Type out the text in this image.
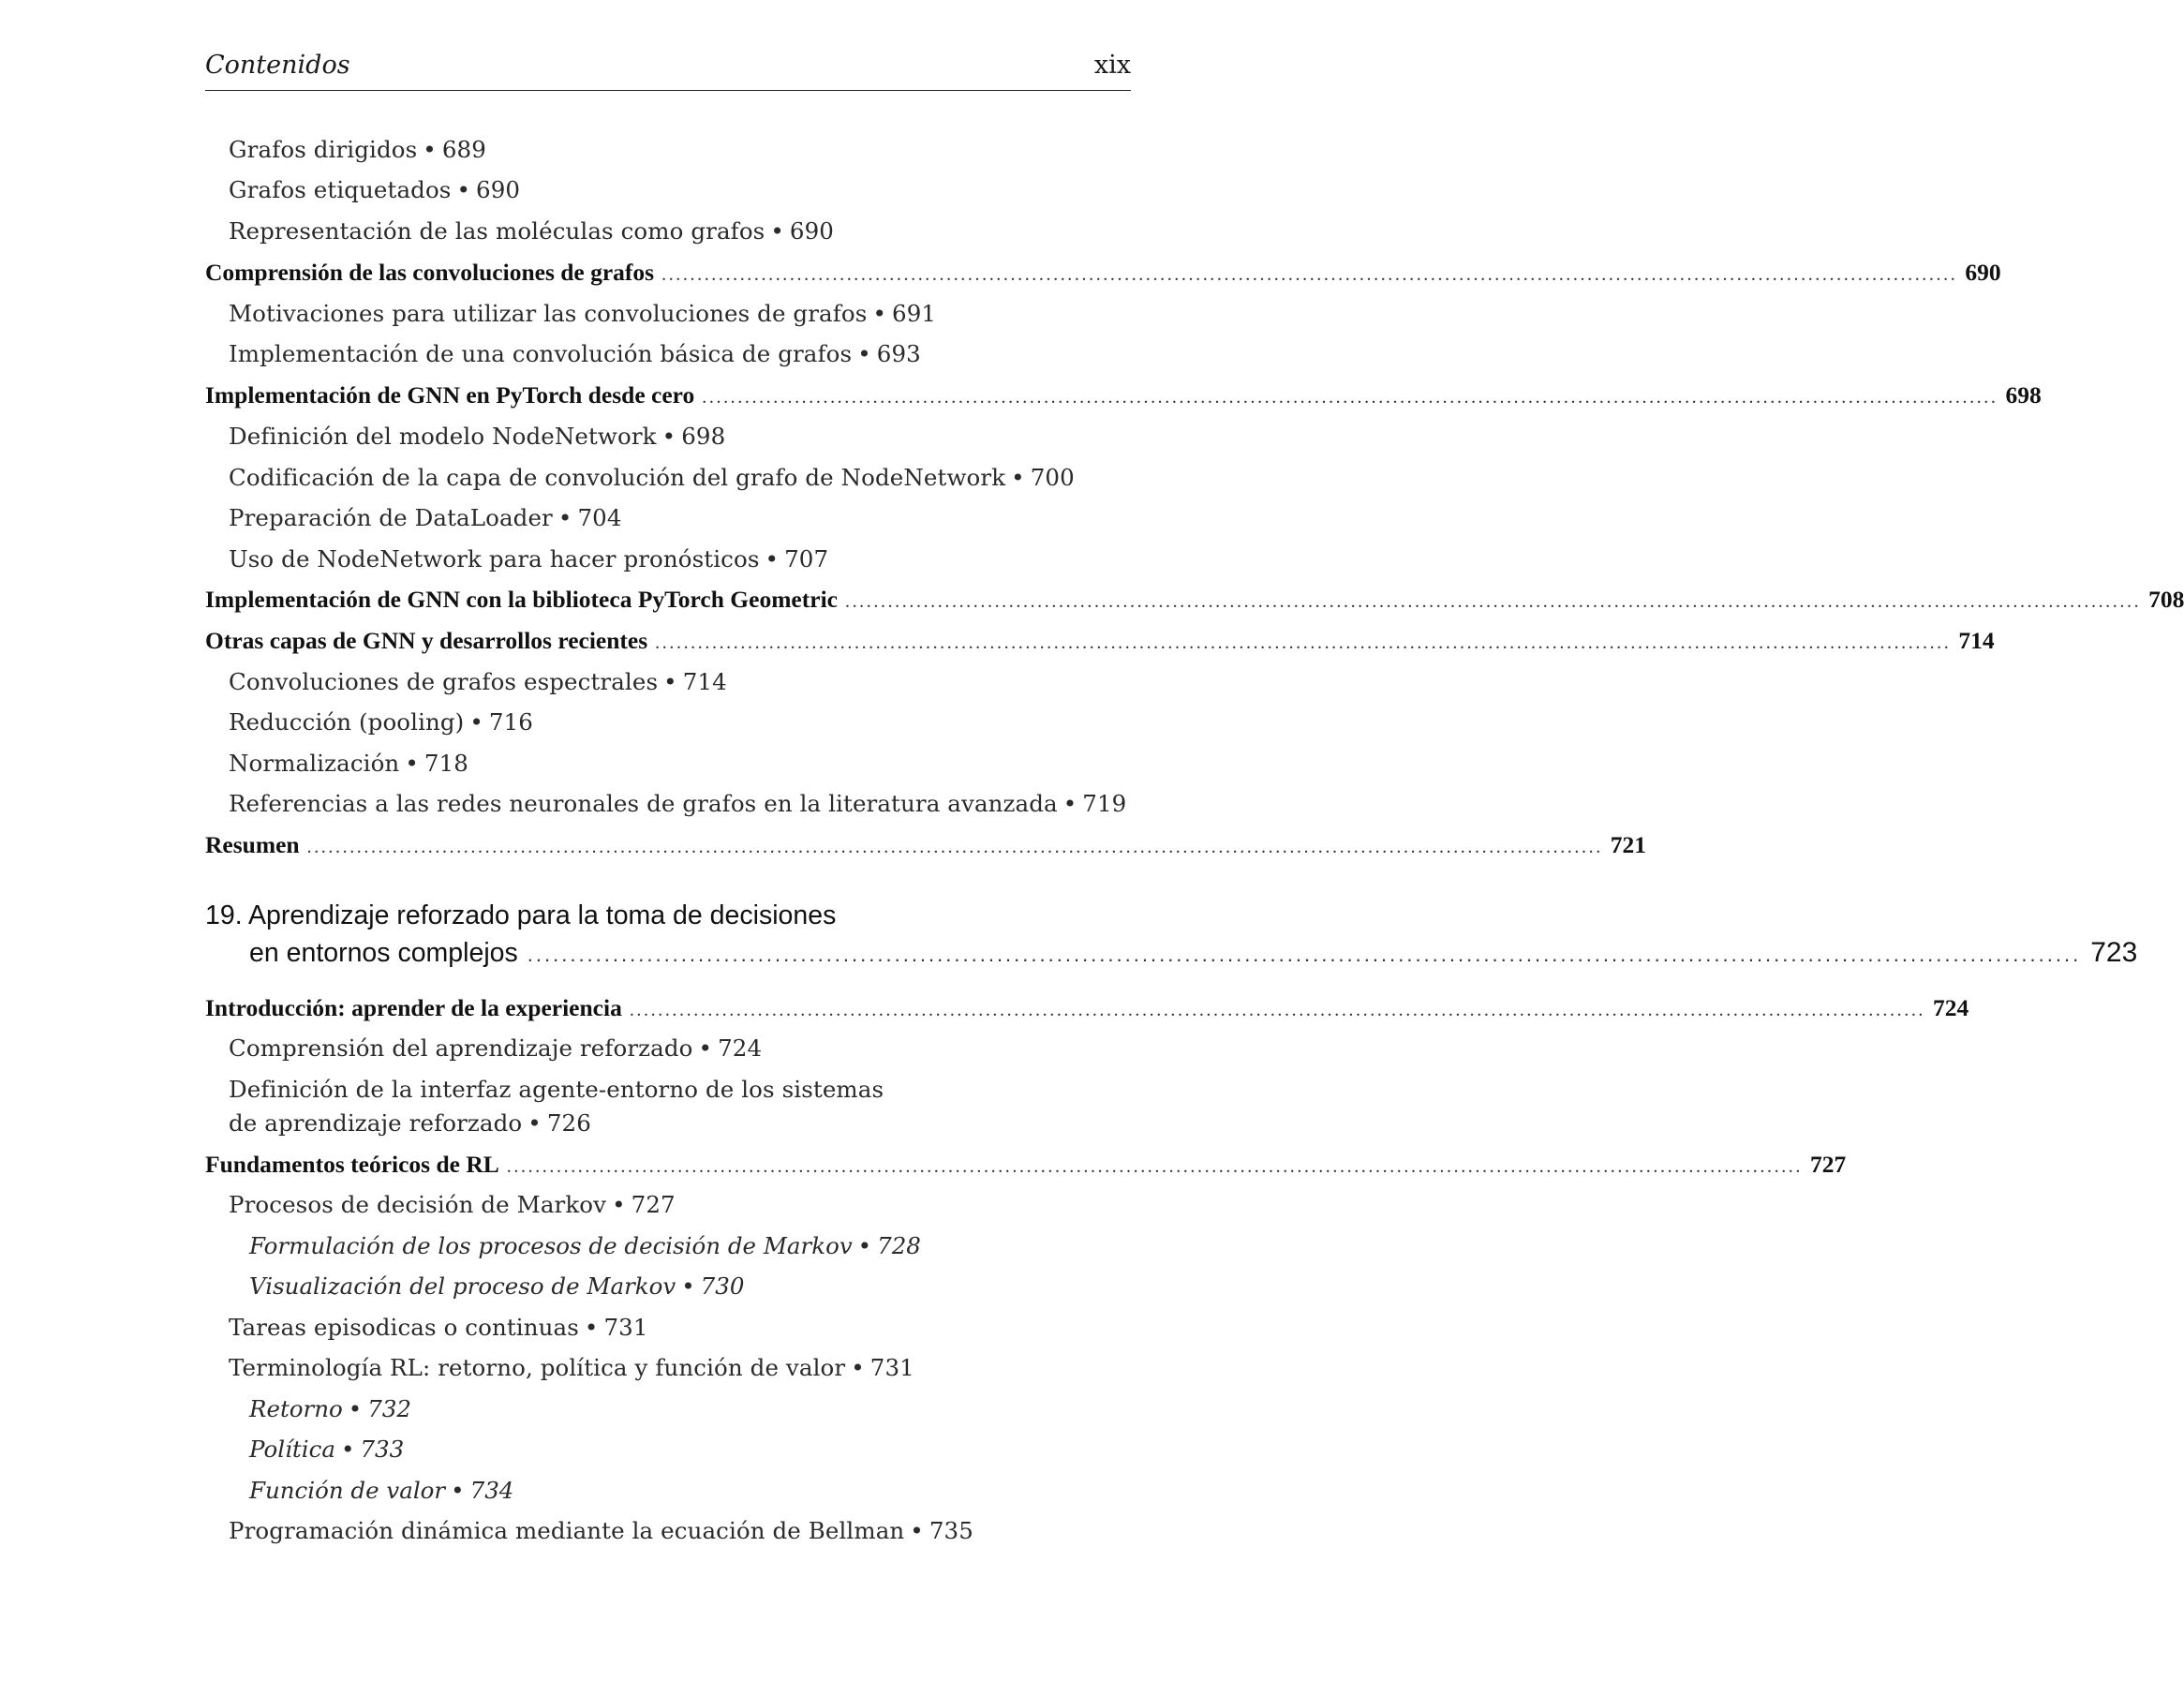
Contenidos	xix
Grafos dirigidos • 689
Grafos etiquetados • 690
Representación de las moléculas como grafos • 690
Comprensión de las convoluciones de grafos ...................................................................................................................................................................................... 690
Motivaciones para utilizar las convoluciones de grafos • 691
Implementación de una convolución básica de grafos • 693
Implementación de GNN en PyTorch desde cero ...................................................................................................................................................................................... 698
Definición del modelo NodeNetwork • 698
Codificación de la capa de convolución del grafo de NodeNetwork • 700
Preparación de DataLoader • 704
Uso de NodeNetwork para hacer pronósticos • 707
Implementación de GNN con la biblioteca PyTorch Geometric ...................................................................................................................................................................................... 708
Otras capas de GNN y desarrollos recientes ...................................................................................................................................................................................... 714
Convoluciones de grafos espectrales • 714
Reducción (pooling) • 716
Normalización • 718
Referencias a las redes neuronales de grafos en la literatura avanzada • 719
Resumen ...................................................................................................................................................................................... 721
19. Aprendizaje reforzado para la toma de decisiones
en entornos complejos ...................................................................................................................................................................................... 723
Introducción: aprender de la experiencia ...................................................................................................................................................................................... 724
Comprensión del aprendizaje reforzado • 724
Definición de la interfaz agente-entorno de los sistemas
de aprendizaje reforzado • 726
Fundamentos teóricos de RL ...................................................................................................................................................................................... 727
Procesos de decisión de Markov • 727
Formulación de los procesos de decisión de Markov • 728
Visualización del proceso de Markov • 730
Tareas episodicas o continuas • 731
Terminología RL: retorno, política y función de valor • 731
Retorno • 732
Política • 733
Función de valor • 734
Programación dinámica mediante la ecuación de Bellman • 735
